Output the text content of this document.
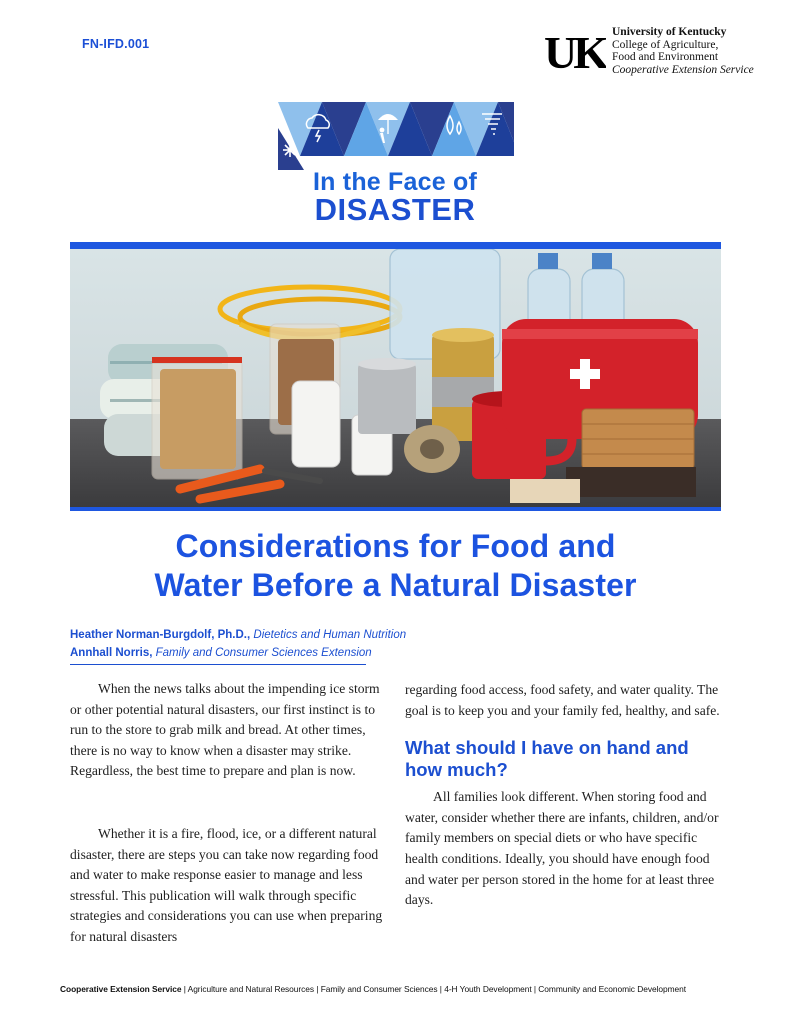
FN-IFD.001	UK University of Kentucky
College of Agriculture,
Food and Environment
Cooperative Extension Service
In the Face of
DISASTER
Considerations for Food and
Water Before a Natural Disaster
Heather Norman-Burgdolf, Ph.D., Dietetics and Human Nutrition
Annhall Norris, Family and Consumer Sciences Extension

When the news talks about the impending ice storm or other potential natural disasters, our first instinct is to run to the store to grab milk and bread. At other times, there is no way to know when a disaster may strike. Regardless, the best time to prepare and plan is now.

Whether it is a fire, flood, ice, or a different natural disaster, there are steps you can take now regarding food and water to make response easier to manage and less stressful. This publication will walk through specific strategies and considerations you can use when preparing for natural disasters

regarding food access, food safety, and water quality. The goal is to keep you and your family fed, healthy, and safe.

What should I have on hand and how much?

All families look different. When storing food and water, consider whether there are infants, children, and/or family members on special diets or who have specific health conditions. Ideally, you should have enough food and water per person stored in the home for at least three days.

Cooperative Extension Service | Agriculture and Natural Resources | Family and Consumer Sciences | 4-H Youth Development | Community and Economic Development
